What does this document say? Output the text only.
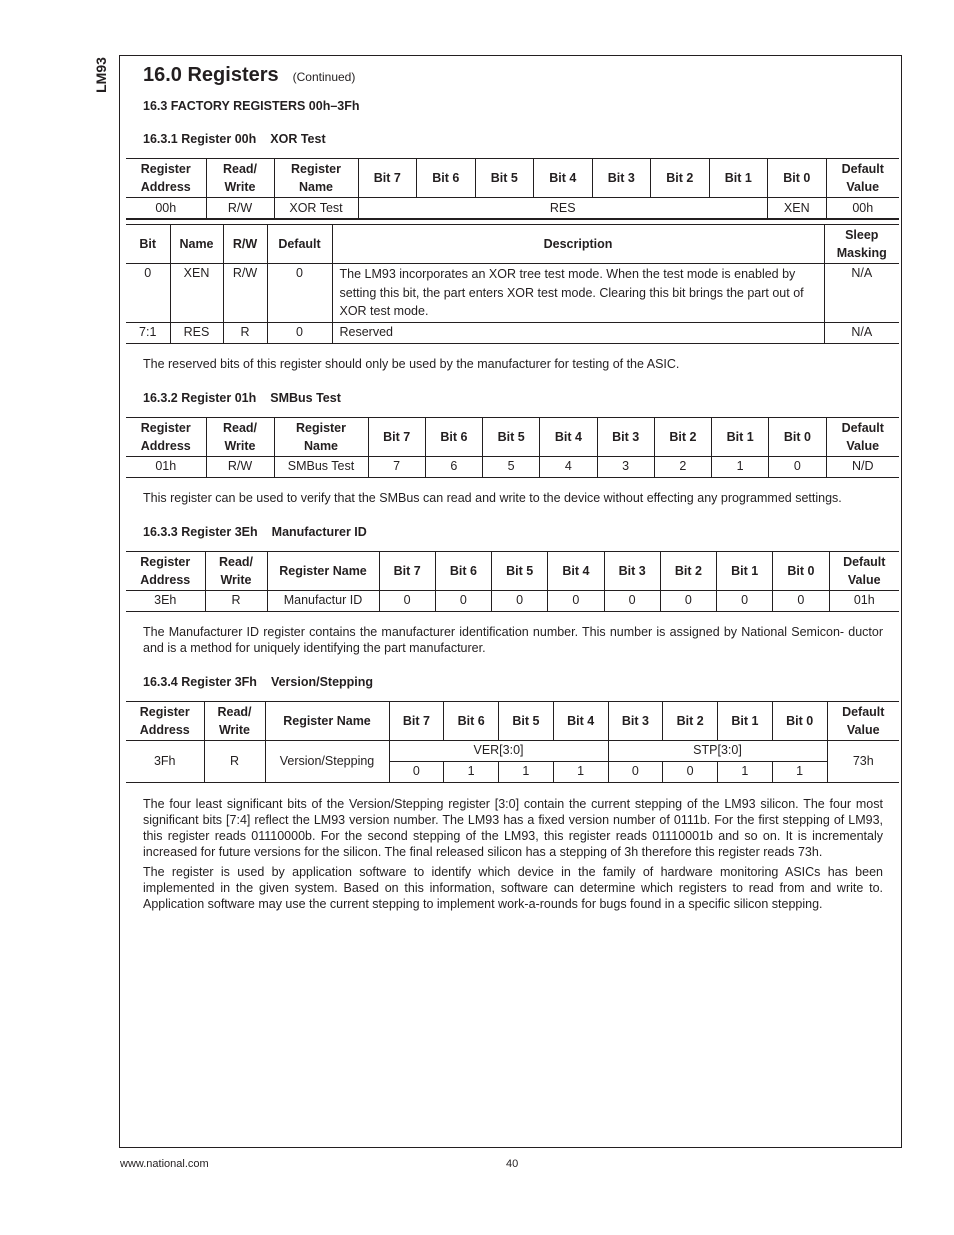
LM93 16.0 Registers (Continued)
16.3 FACTORY REGISTERS 00h–3Fh
16.3.1 Register 00h XOR Test
Register Address	Read/ Write	Register Name	Bit 7	Bit 6	Bit 5	Bit 4	Bit 3	Bit 2	Bit 1	Bit 0	Default Value
00h	R/W	XOR Test	RES							XEN	00h
Bit	Name	R/W	Default	Description	Sleep Masking
0	XEN	R/W	0	The LM93 incorporates an XOR tree test mode. When the test mode is enabled by setting this bit, the part enters XOR test mode. Clearing this bit brings the part out of XOR test mode.	N/A
7:1	RES	R	0	Reserved	N/A

The reserved bits of this register should only be used by the manufacturer for testing of the ASIC.

16.3.2 Register 01h SMBus Test
Register Address	Read/ Write	Register Name	Bit 7	Bit 6	Bit 5	Bit 4	Bit 3	Bit 2	Bit 1	Bit 0	Default Value
01h	R/W	SMBus Test	7	6	5	4	3	2	1	0	N/D

This register can be used to verify that the SMBus can read and write to the device without effecting any programmed settings.

16.3.3 Register 3Eh Manufacturer ID
Register Address	Read/ Write	Register Name	Bit 7	Bit 6	Bit 5	Bit 4	Bit 3	Bit 2	Bit 1	Bit 0	Default Value
3Eh	R	Manufactur ID	0	0	0	0	0	0	0	0	01h

The Manufacturer ID register contains the manufacturer identification number. This number is assigned by National Semicon- ductor and is a method for uniquely identifying the part manufacturer.

16.3.4 Register 3Fh Version/Stepping
Register Address	Read/ Write	Register Name	Bit 7	Bit 6	Bit 5	Bit 4	Bit 3	Bit 2	Bit 1	Bit 0	Default Value
3Fh	R	Version/Stepping	VER[3:0]				STP[3:0]				73h
			0	1	1	1	0	0	1	1	

The four least significant bits of the Version/Stepping register [3:0] contain the current stepping of the LM93 silicon. The four most significant bits [7:4] reflect the LM93 version number. The LM93 has a fixed version number of 0111b. For the first stepping of LM93, this register reads 01110000b. For the second stepping of the LM93, this register reads 01110001b and so on. It is incrementaly increased for future versions for the silicon. The final released silicon has a stepping of 3h therefore this register reads 73h.

The register is used by application software to identify which device in the family of hardware monitoring ASICs has been implemented in the given system. Based on this information, software can determine which registers to read from and write to. Application software may use the current stepping to implement work-a-rounds for bugs found in a specific silicon stepping.

www.national.com	40
